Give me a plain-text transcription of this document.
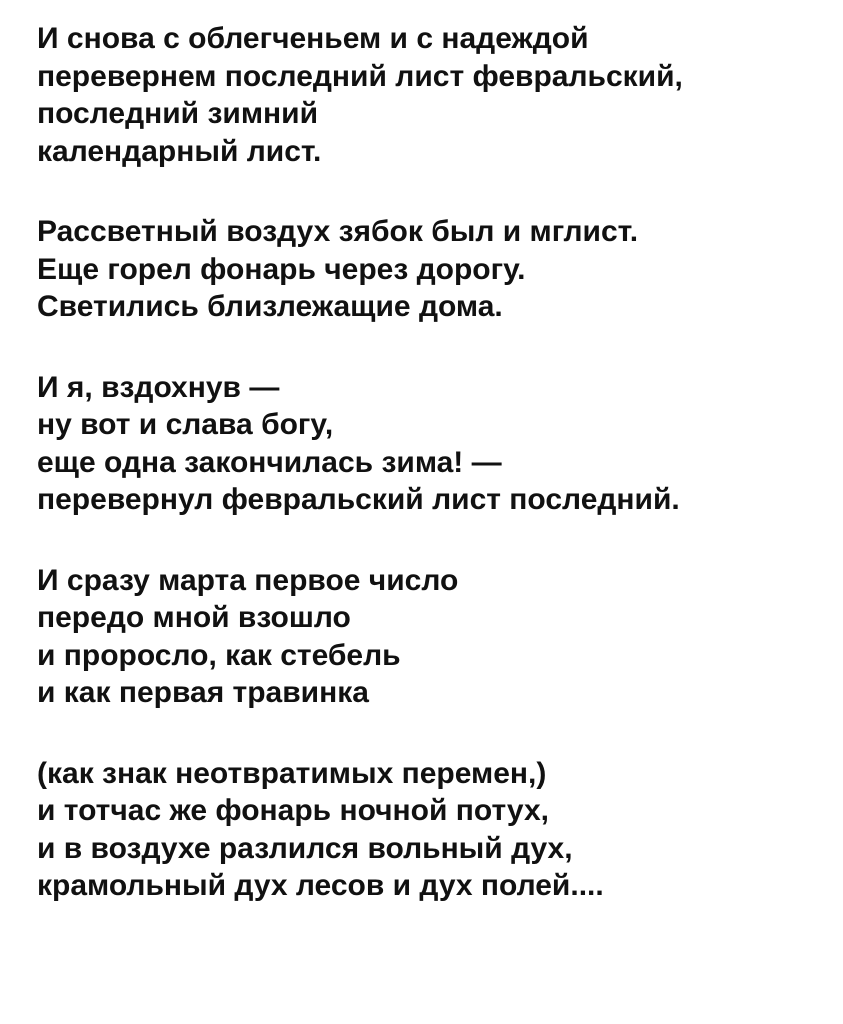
И снова с облегченьем и с надеждой
перевернем последний лист февральский,
последний зимний
календарный лист.
Рассветный воздух зябок был и мглист.
Еще горел фонарь через дорогу.
Светились близлежащие дома.
И я, вздохнув —
ну вот и слава богу,
еще одна закончилась зима! —
перевернул февральский лист последний.
И сразу марта первое число
передо мной взошло
и проросло, как стебель
и как первая травинка
(как знак неотвратимых перемен,)
и тотчас же фонарь ночной потух,
и в воздухе разлился вольный дух,
крамольный дух лесов и дух полей....
